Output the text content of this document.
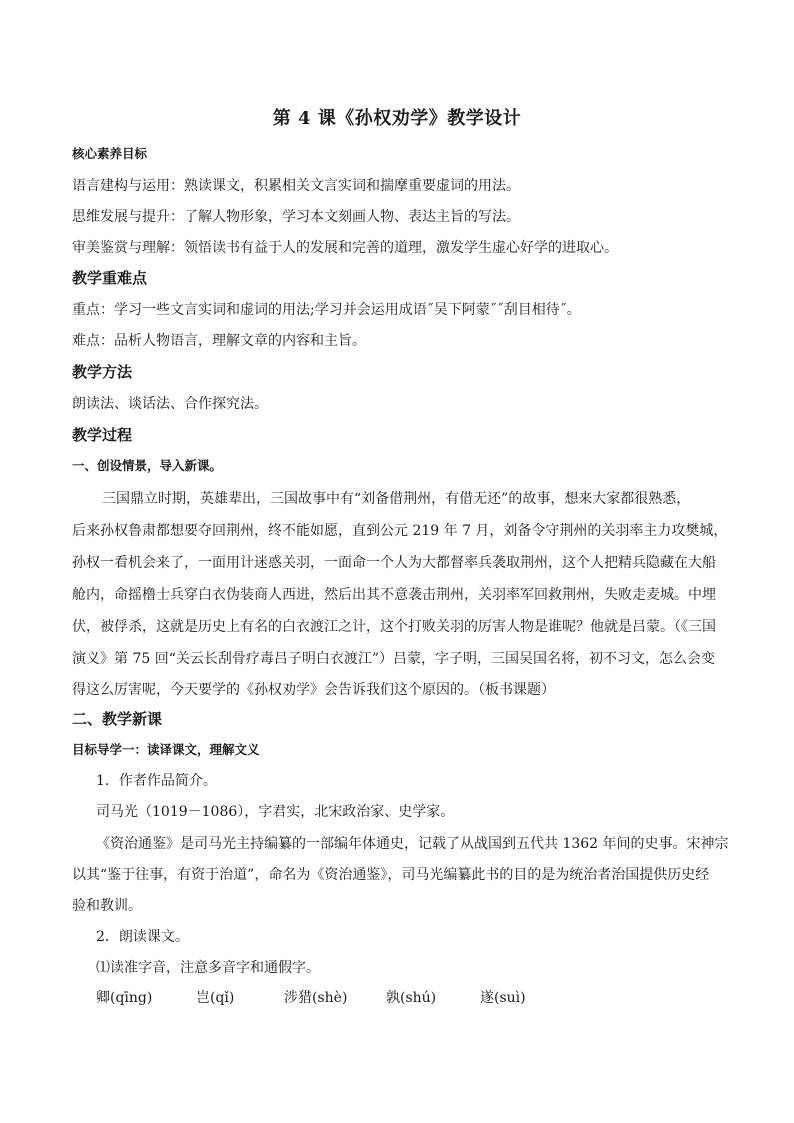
第 4 课《孙权劝学》教学设计
核心素养目标
语言建构与运用：熟读课文，积累相关文言实词和揣摩重要虚词的用法。
思维发展与提升：了解人物形象，学习本文刻画人物、表达主旨的写法。
审美鉴赏与理解：领悟读书有益于人的发展和完善的道理，激发学生虚心好学的进取心。
教学重难点
重点：学习一些文言实词和虚词的用法;学习并会运用成语˝吴下阿蒙˝˝刮目相待˝。
难点：品析人物语言，理解文章的内容和主旨。
教学方法
朗读法、谈话法、合作探究法。
教学过程
一、创设情景，导入新课。
三国鼎立时期，英雄辈出，三国故事中有“刘备借荆州，有借无还”的故事，想来大家都很熟悉，
后来孙权鲁肃都想要夺回荆州，终不能如愿，直到公元 219 年 7 月，刘备令守荆州的关羽率主力攻樊城，
孙权一看机会来了，一面用计迷惑关羽，一面命一个人为大都督率兵袭取荆州，这个人把精兵隐藏在大船
舱内，命摇橹士兵穿白衣伪装商人西进，然后出其不意袭击荆州，关羽率军回救荆州，失败走麦城。中埋
伏，被俘杀，这就是历史上有名的白衣渡江之计，这个打败关羽的厉害人物是谁呢？他就是吕蒙。（《三国
演义》第 75 回“关云长刮骨疗毒吕子明白衣渡江”）吕蒙，字子明，三国吴国名将，初不习文，怎么会变
得这么厉害呢，今天要学的《孙权劝学》会告诉我们这个原因的。（板书课题）
二、教学新课
目标导学一：读译课文，理解文义
1．作者作品简介。
司马光（1019－1086），字君实，北宋政治家、史学家。
《资治通鉴》是司马光主持编纂的一部编年体通史，记载了从战国到五代共 1362 年间的史事。宋神宗
以其“鉴于往事，有资于治道”，命名为《资治通鉴》，司马光编纂此书的目的是为统治者治国提供历史经
验和教训。
2．朗读课文。
⑴读准字音，注意多音字和通假字。
卿(qīng)	岂(qǐ)	涉猎(shè)	孰(shú)	遂(suì)
